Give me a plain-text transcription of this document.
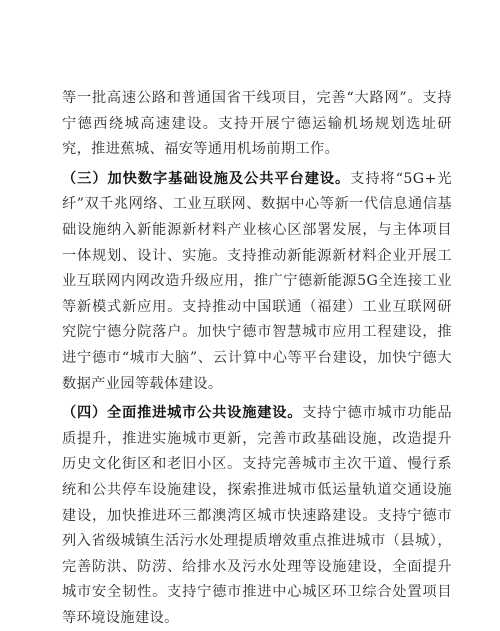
等一批高速公路和普通国省干线项目，完善“大路网”。支持宁德西绕城高速建设。支持开展宁德运输机场规划选址研究，推进蕉城、福安等通用机场前期工作。

（三）加快数字基础设施及公共平台建设。支持将“5G+光纤”双千兆网络、工业互联网、数据中心等新一代信息通信基础设施纳入新能源新材料产业核心区部署发展，与主体项目一体规划、设计、实施。支持推动新能源新材料企业开展工业互联网内网改造升级应用，推广宁德新能源5G全连接工业等新模式新应用。支持推动中国联通（福建）工业互联网研究院宁德分院落户。加快宁德市智慧城市应用工程建设，推进宁德市“城市大脑”、云计算中心等平台建设，加快宁德大数据产业园等载体建设。

（四）全面推进城市公共设施建设。支持宁德市城市功能品质提升，推进实施城市更新，完善市政基础设施，改造提升历史文化街区和老旧小区。支持完善城市主次干道、慢行系统和公共停车设施建设，探索推进城市低运量轨道交通设施建设，加快推进环三都澳湾区城市快速路建设。支持宁德市列入省级城镇生活污水处理提质增效重点推进城市（县城），完善防洪、防涝、给排水及污水处理等设施建设，全面提升城市安全韧性。支持宁德市推进中心城区环卫综合处置项目等环境设施建设。
